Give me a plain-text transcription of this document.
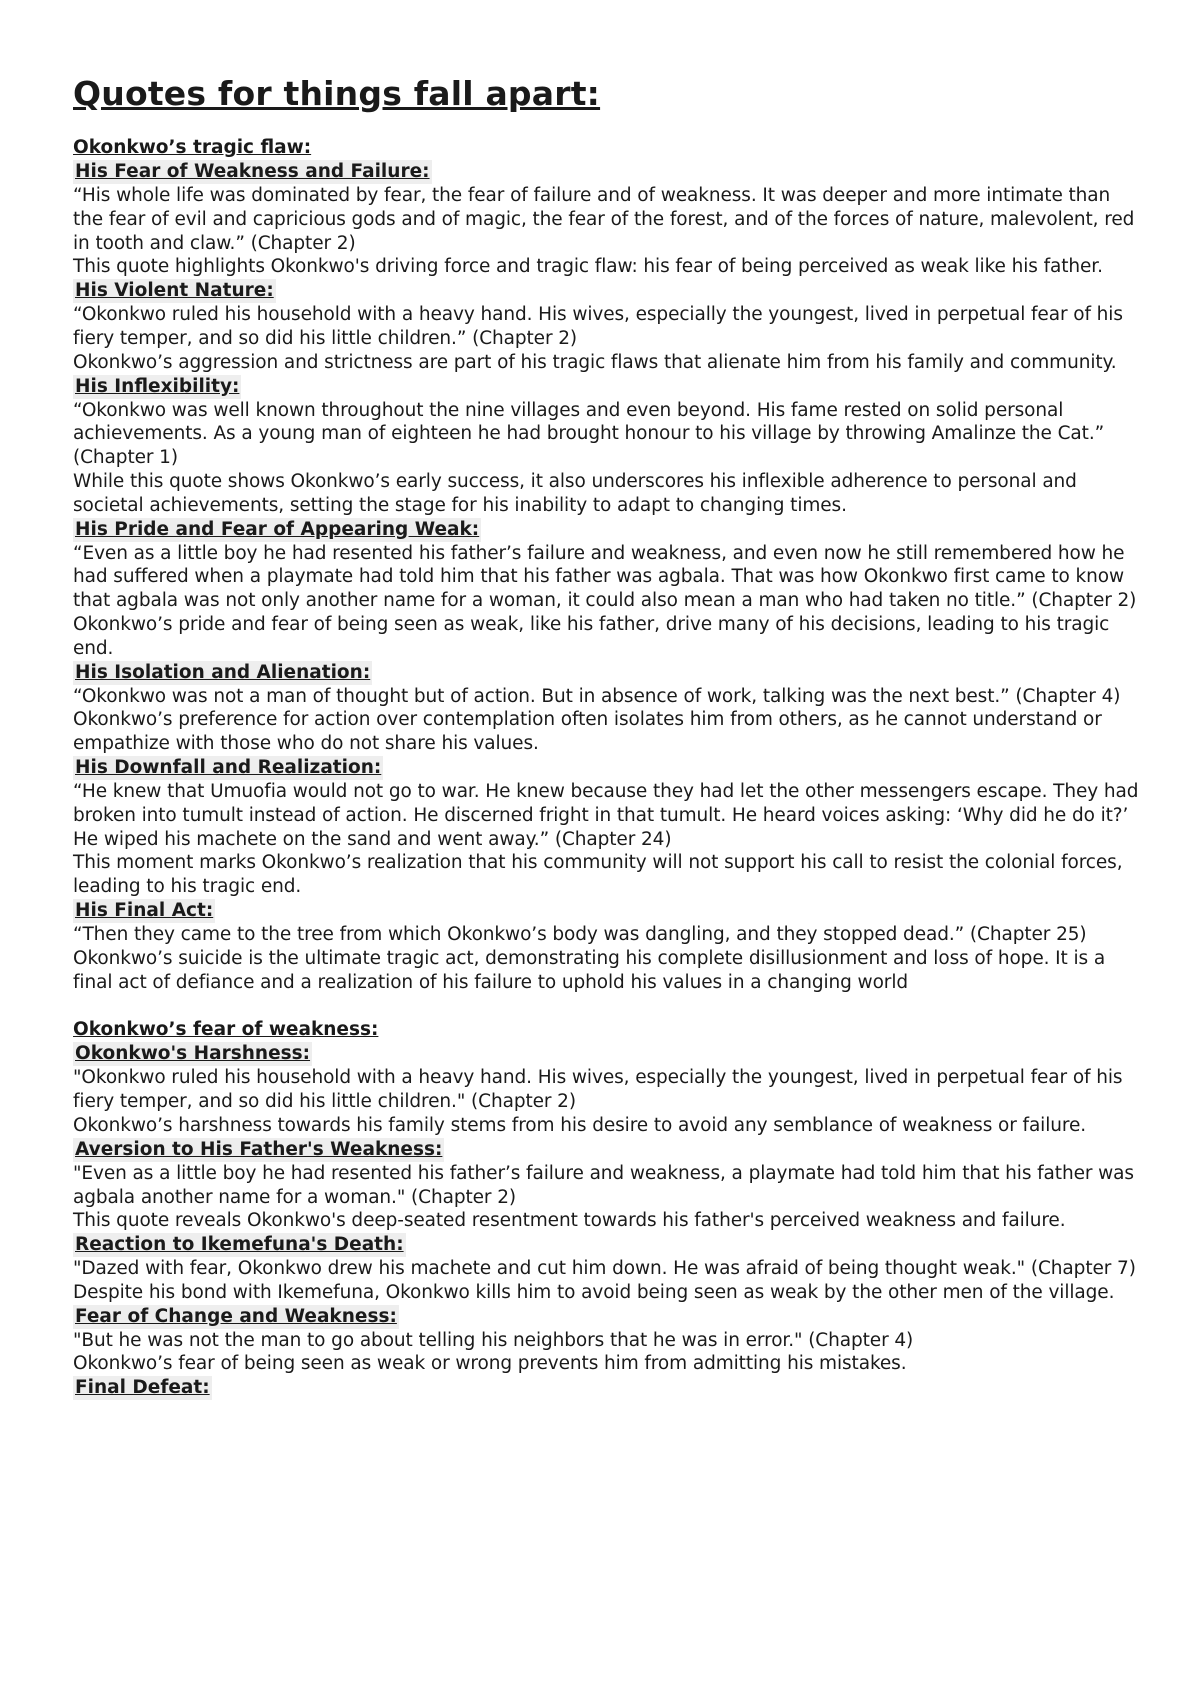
Quotes for things fall apart:
Okonkwo’s tragic flaw:
His Fear of Weakness and Failure:

“His whole life was dominated by fear, the fear of failure and of weakness. It was deeper and more intimate than the fear of evil and capricious gods and of magic, the fear of the forest, and of the forces of nature, malevolent, red in tooth and claw.” (Chapter 2)

This quote highlights Okonkwo's driving force and tragic flaw: his fear of being perceived as weak like his father.

His Violent Nature:

“Okonkwo ruled his household with a heavy hand. His wives, especially the youngest, lived in perpetual fear of his fiery temper, and so did his little children.” (Chapter 2)

Okonkwo’s aggression and strictness are part of his tragic flaws that alienate him from his family and community.

His Inflexibility:

“Okonkwo was well known throughout the nine villages and even beyond. His fame rested on solid personal achievements. As a young man of eighteen he had brought honour to his village by throwing Amalinze the Cat.” (Chapter 1)

While this quote shows Okonkwo’s early success, it also underscores his inflexible adherence to personal and societal achievements, setting the stage for his inability to adapt to changing times.

His Pride and Fear of Appearing Weak:

“Even as a little boy he had resented his father’s failure and weakness, and even now he still remembered how he had suffered when a playmate had told him that his father was agbala. That was how Okonkwo first came to know that agbala was not only another name for a woman, it could also mean a man who had taken no title.” (Chapter 2)

Okonkwo’s pride and fear of being seen as weak, like his father, drive many of his decisions, leading to his tragic end.

His Isolation and Alienation:

“Okonkwo was not a man of thought but of action. But in absence of work, talking was the next best.” (Chapter 4)

Okonkwo’s preference for action over contemplation often isolates him from others, as he cannot understand or empathize with those who do not share his values.

His Downfall and Realization:

“He knew that Umuofia would not go to war. He knew because they had let the other messengers escape. They had broken into tumult instead of action. He discerned fright in that tumult. He heard voices asking: ‘Why did he do it?’ He wiped his machete on the sand and went away.” (Chapter 24)

This moment marks Okonkwo’s realization that his community will not support his call to resist the colonial forces, leading to his tragic end.

His Final Act:

“Then they came to the tree from which Okonkwo’s body was dangling, and they stopped dead.” (Chapter 25)

Okonkwo’s suicide is the ultimate tragic act, demonstrating his complete disillusionment and loss of hope. It is a final act of defiance and a realization of his failure to uphold his values in a changing world

Okonkwo’s fear of weakness:
Okonkwo's Harshness:

"Okonkwo ruled his household with a heavy hand. His wives, especially the youngest, lived in perpetual fear of his fiery temper, and so did his little children." (Chapter 2)

Okonkwo’s harshness towards his family stems from his desire to avoid any semblance of weakness or failure.

Aversion to His Father's Weakness:

"Even as a little boy he had resented his father’s failure and weakness, a playmate had told him that his father was agbala another name for a woman." (Chapter 2)

This quote reveals Okonkwo's deep-seated resentment towards his father's perceived weakness and failure.

Reaction to Ikemefuna's Death:

"Dazed with fear, Okonkwo drew his machete and cut him down. He was afraid of being thought weak." (Chapter 7)

Despite his bond with Ikemefuna, Okonkwo kills him to avoid being seen as weak by the other men of the village.

Fear of Change and Weakness:

"But he was not the man to go about telling his neighbors that he was in error." (Chapter 4)

Okonkwo’s fear of being seen as weak or wrong prevents him from admitting his mistakes.

Final Defeat:
